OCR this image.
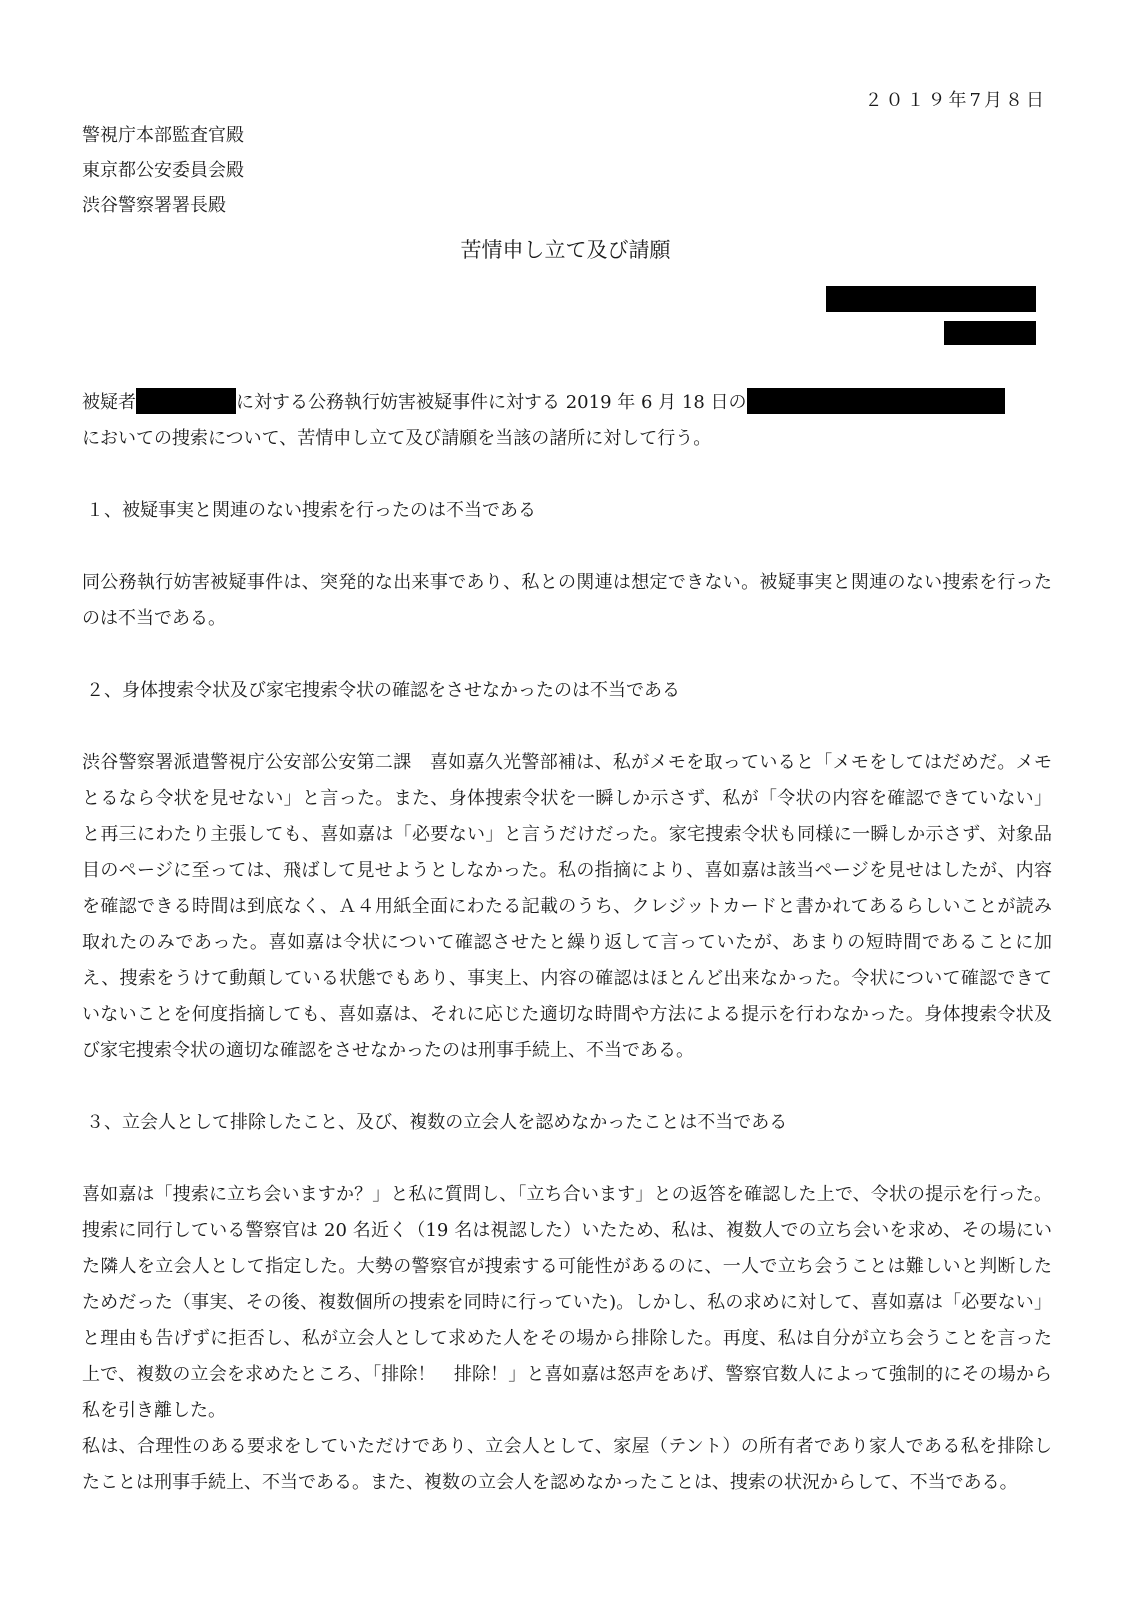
２０１９年7月８日
警視庁本部監査官殿
東京都公安委員会殿
渋谷警察署署長殿
苦情申し立て及び請願

被疑者	に対する公務執行妨害被疑事件に対する 2019 年 6 月 18 日の

においての捜索について、苦情申し立て及び請願を当該の諸所に対して行う。

１、被疑事実と関連のない捜索を行ったのは不当である

同公務執行妨害被疑事件は、突発的な出来事であり、私との関連は想定できない。被疑事実と関連のない捜索を行ったのは不当である。

２、身体捜索令状及び家宅捜索令状の確認をさせなかったのは不当である

渋谷警察署派遣警視庁公安部公安第二課　喜如嘉久光警部補は、私がメモを取っていると「メモをしてはだめだ。メモとるなら令状を見せない」と言った。また、身体捜索令状を一瞬しか示さず、私が「令状の内容を確認できていない」と再三にわたり主張しても、喜如嘉は「必要ない」と言うだけだった。家宅捜索令状も同様に一瞬しか示さず、対象品目のページに至っては、飛ばして見せようとしなかった。私の指摘により、喜如嘉は該当ページを見せはしたが、内容を確認できる時間は到底なく、Ａ４用紙全面にわたる記載のうち、クレジットカードと書かれてあるらしいことが読み取れたのみであった。喜如嘉は令状について確認させたと繰り返して言っていたが、あまりの短時間であることに加え、捜索をうけて動顛している状態でもあり、事実上、内容の確認はほとんど出来なかった。令状について確認できていないことを何度指摘しても、喜如嘉は、それに応じた適切な時間や方法による提示を行わなかった。身体捜索令状及び家宅捜索令状の適切な確認をさせなかったのは刑事手続上、不当である。

３、立会人として排除したこと、及び、複数の立会人を認めなかったことは不当である

喜如嘉は「捜索に立ち会いますか？」と私に質問し、「立ち合います」との返答を確認した上で、令状の提示を行った。捜索に同行している警察官は 20 名近く（19 名は視認した）いたため、私は、複数人での立ち会いを求め、その場にいた隣人を立会人として指定した。大勢の警察官が捜索する可能性があるのに、一人で立ち会うことは難しいと判断したためだった（事実、その後、複数個所の捜索を同時に行っていた)。しかし、私の求めに対して、喜如嘉は「必要ない」と理由も告げずに拒否し、私が立会人として求めた人をその場から排除した。再度、私は自分が立ち会うことを言った上で、複数の立会を求めたところ、「排除！　排除！」と喜如嘉は怒声をあげ、警察官数人によって強制的にその場から私を引き離した。

私は、合理性のある要求をしていただけであり、立会人として、家屋（テント）の所有者であり家人である私を排除したことは刑事手続上、不当である。また、複数の立会人を認めなかったことは、捜索の状況からして、不当である。
